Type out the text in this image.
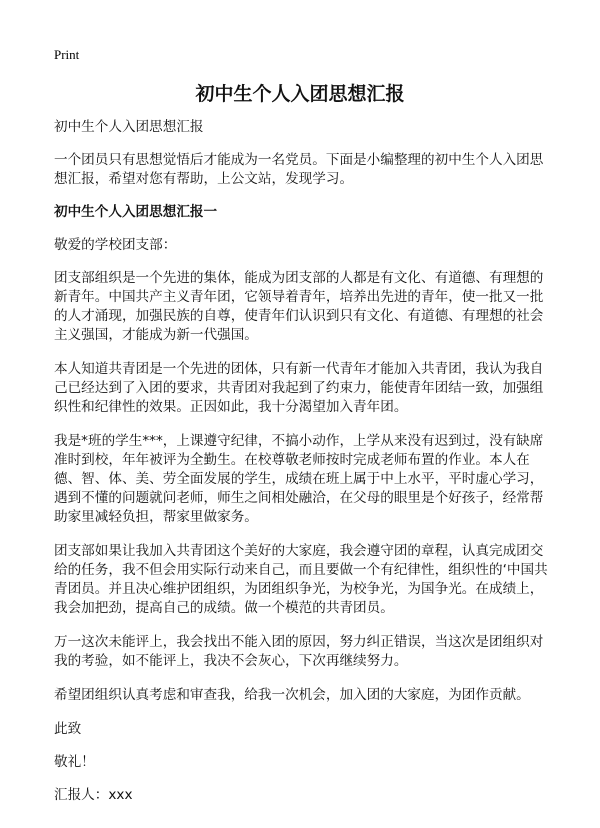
Print
初中生个人入团思想汇报

初中生个人入团思想汇报

一个团员只有思想觉悟后才能成为一名党员。下面是小编整理的初中生个人入团思想汇报，希望对您有帮助，上公文站，发现学习。

初中生个人入团思想汇报一

敬爱的学校团支部：

团支部组织是一个先进的集体，能成为团支部的人都是有文化、有道德、有理想的新青年。中国共产主义青年团，它领导着青年，培养出先进的青年，使一批又一批的人才涌现，加强民族的自尊，使青年们认识到只有文化、有道德、有理想的社会主义强国，才能成为新一代强国。

本人知道共青团是一个先进的团体，只有新一代青年才能加入共青团，我认为我自己已经达到了入团的要求，共青团对我起到了约束力，能使青年团结一致，加强组织性和纪律性的效果。正因如此，我十分渴望加入青年团。

我是*班的学生***，上课遵守纪律，不搞小动作，上学从来没有迟到过，没有缺席准时到校，年年被评为全勤生。在校尊敬老师按时完成老师布置的作业。本人在德、智、体、美、劳全面发展的学生，成绩在班上属于中上水平，平时虚心学习，遇到不懂的问题就问老师，师生之间相处融洽，在父母的眼里是个好孩子，经常帮助家里减轻负担，帮家里做家务。

团支部如果让我加入共青团这个美好的大家庭，我会遵守团的章程，认真完成团交给的任务，我不但会用实际行动来自己，而且要做一个有纪律性，组织性的‘中国共青团员。并且决心维护团组织，为团组织争光，为校争光，为国争光。在成绩上，我会加把劲，提高自己的成绩。做一个模范的共青团员。

万一这次未能评上，我会找出不能入团的原因，努力纠正错误，当这次是团组织对我的考验，如不能评上，我决不会灰心，下次再继续努力。

希望团组织认真考虑和审查我，给我一次机会，加入团的大家庭，为团作贡献。

此致

敬礼！

汇报人：xxx
